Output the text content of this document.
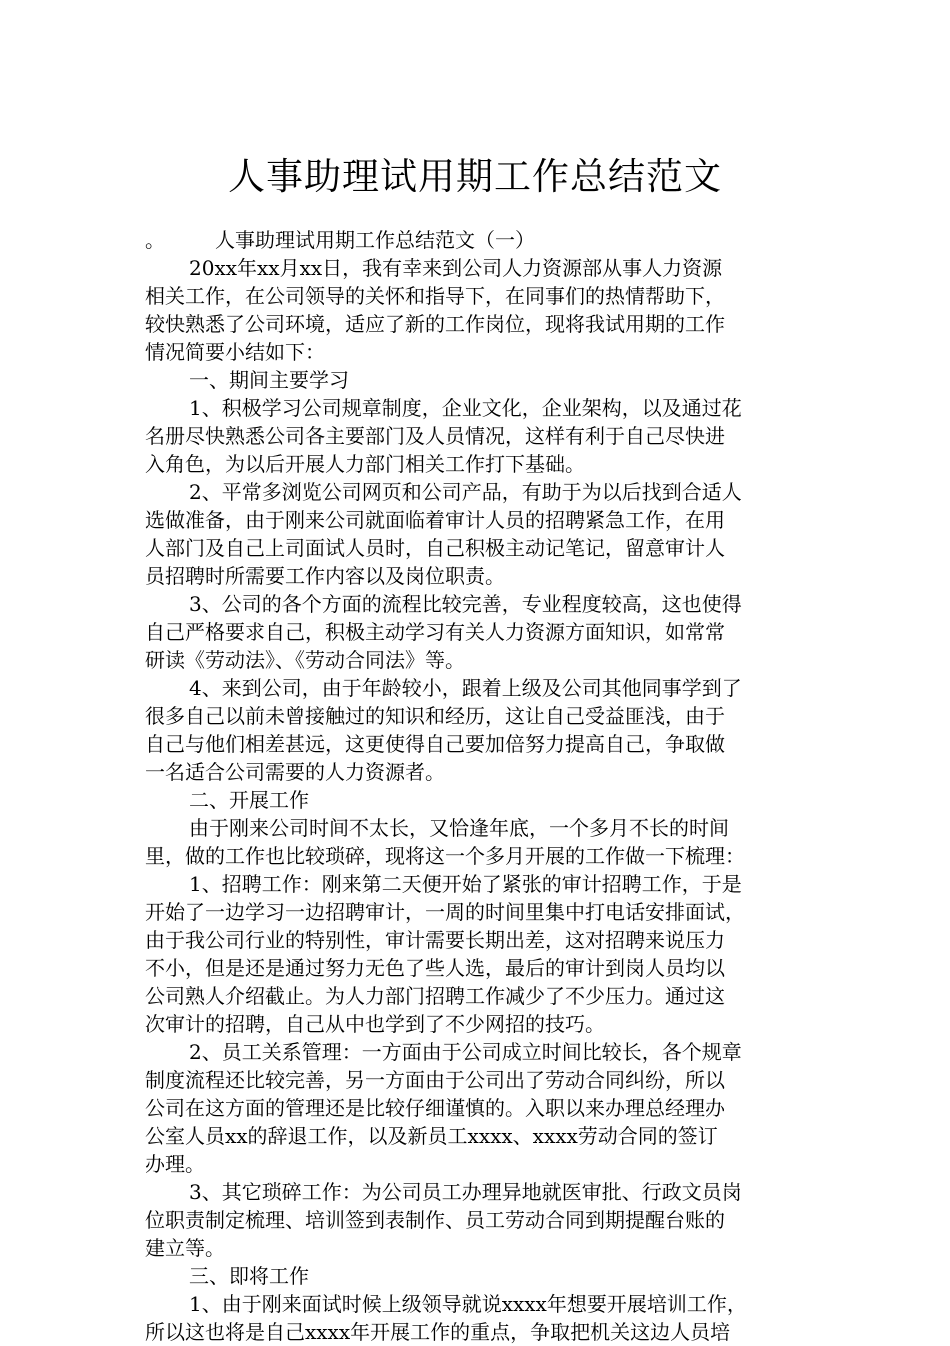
人事助理试用期工作总结范文
。	人事助理试用期工作总结范文（一）
20xx年xx月xx日，我有幸来到公司人力资源部从事人力资源
相关工作，在公司领导的关怀和指导下，在同事们的热情帮助下，
较快熟悉了公司环境，适应了新的工作岗位，现将我试用期的工作
情况简要小结如下：
一、期间主要学习
1、积极学习公司规章制度，企业文化，企业架构，以及通过花
名册尽快熟悉公司各主要部门及人员情况，这样有利于自己尽快进
入角色，为以后开展人力部门相关工作打下基础。
2、平常多浏览公司网页和公司产品，有助于为以后找到合适人
选做准备，由于刚来公司就面临着审计人员的招聘紧急工作，在用
人部门及自己上司面试人员时，自己积极主动记笔记，留意审计人
员招聘时所需要工作内容以及岗位职责。
3、公司的各个方面的流程比较完善，专业程度较高，这也使得
自己严格要求自己，积极主动学习有关人力资源方面知识，如常常
研读《劳动法》、《劳动合同法》等。
4、来到公司，由于年龄较小，跟着上级及公司其他同事学到了
很多自己以前未曾接触过的知识和经历，这让自己受益匪浅，由于
自己与他们相差甚远，这更使得自己要加倍努力提高自己，争取做
一名适合公司需要的人力资源者。
二、开展工作
由于刚来公司时间不太长，又恰逢年底，一个多月不长的时间
里，做的工作也比较琐碎，现将这一个多月开展的工作做一下梳理：
1、招聘工作：刚来第二天便开始了紧张的审计招聘工作，于是
开始了一边学习一边招聘审计，一周的时间里集中打电话安排面试，
由于我公司行业的特别性，审计需要长期出差，这对招聘来说压力
不小，但是还是通过努力无色了些人选，最后的审计到岗人员均以
公司熟人介绍截止。为人力部门招聘工作减少了不少压力。通过这
次审计的招聘，自己从中也学到了不少网招的技巧。
2、员工关系管理：一方面由于公司成立时间比较长，各个规章
制度流程还比较完善，另一方面由于公司出了劳动合同纠纷，所以
公司在这方面的管理还是比较仔细谨慎的。入职以来办理总经理办
公室人员xx的辞退工作，以及新员工xxxx、xxxx劳动合同的签订
办理。
3、其它琐碎工作：为公司员工办理异地就医审批、行政文员岗
位职责制定梳理、培训签到表制作、员工劳动合同到期提醒台账的
建立等。
三、即将工作
1、由于刚来面试时候上级领导就说xxxx年想要开展培训工作，
所以这也将是自己xxxx年开展工作的重点，争取把机关这边人员培
